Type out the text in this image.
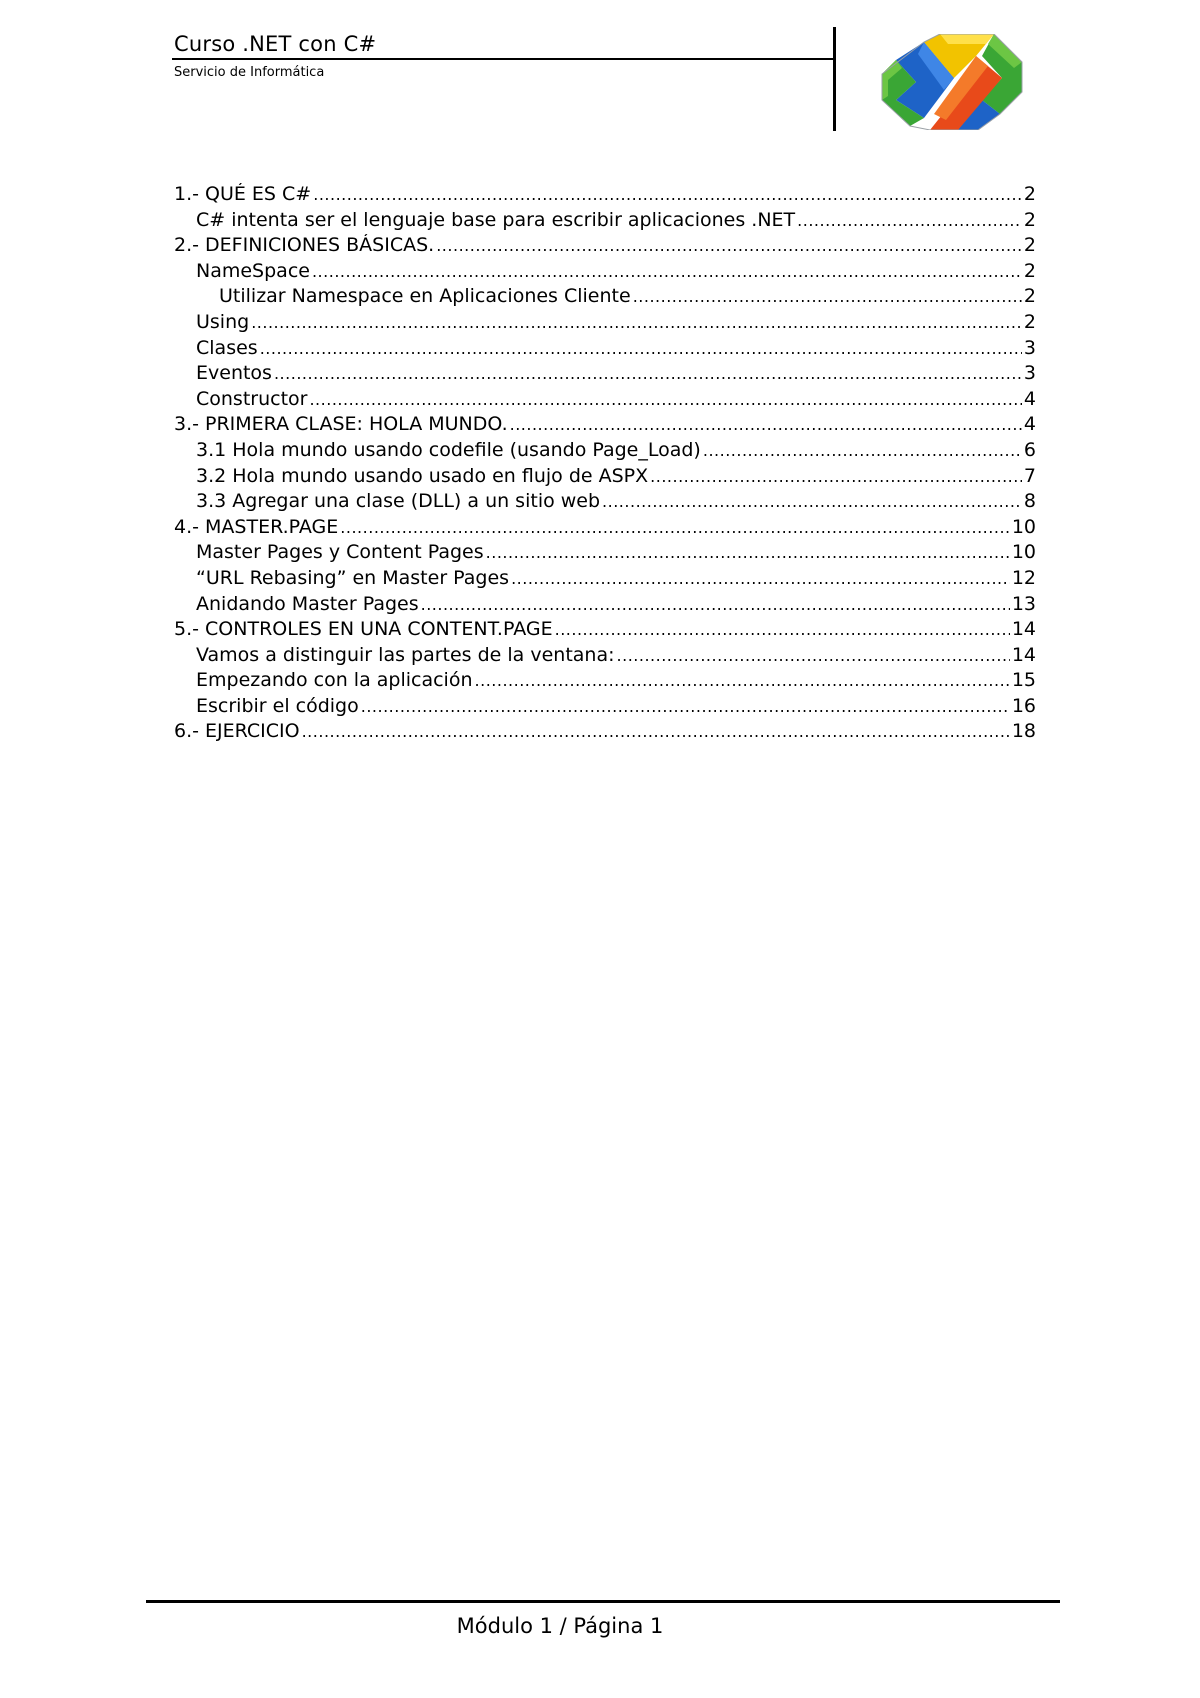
Curso .NET con C#
Servicio de Informática
1.- QUÉ ES C# .....	2
C# intenta ser el lenguaje base para escribir aplicaciones .NET .....	2
2.- DEFINICIONES BÁSICAS. .....	2
NameSpace .....	2
Utilizar Namespace en Aplicaciones Cliente .....	2
Using .....	2
Clases .....	3
Eventos .....	3
Constructor .....	4
3.- PRIMERA CLASE: HOLA MUNDO. .....	4
3.1 Hola mundo usando codefile (usando Page_Load) .....	6
3.2 Hola mundo usando usado en flujo de ASPX .....	7
3.3 Agregar una clase (DLL) a un sitio web .....	8
4.- MASTER.PAGE .....	10
Master Pages y Content Pages .....	10
“URL Rebasing” en Master Pages .....	12
Anidando Master Pages .....	13
5.- CONTROLES EN UNA CONTENT.PAGE .....	14
Vamos a distinguir las partes de la ventana: .....	14
Empezando con la aplicación .....	15
Escribir el código .....	16
6.- EJERCICIO .....	18
Módulo 1 / Página 1
